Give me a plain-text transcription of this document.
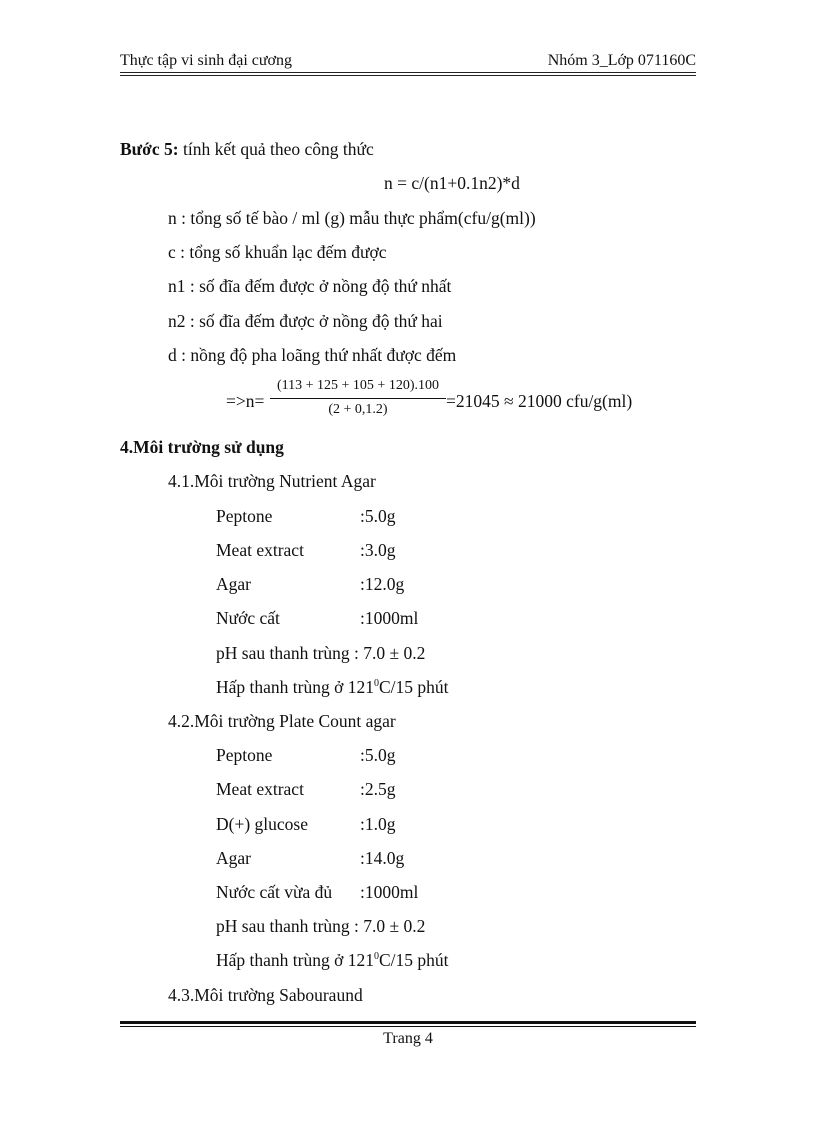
Thực tập vi sinh đại cương	Nhóm 3_Lớp 071160C
Bước 5: tính kết quả theo công thức
n = c/(n1+0.1n2)*d
n : tổng số tế bào / ml (g) mẫu thực phẩm(cfu/g(ml))
c : tổng số khuẩn lạc đếm được
n1 : số đĩa đếm được ở nồng độ thứ nhất
n2 : số đĩa đếm được ở nồng độ thứ hai
d : nồng độ pha loãng thứ nhất được đếm
=>n=
(113 + 125 + 105 + 120).100
(2 + 0,1.2)	=21045 ≈ 21000 cfu/g(ml)
4.Môi trường sử dụng
4.1.Môi trường Nutrient Agar
Peptone	:5.0g
Meat extract	:3.0g
Agar	:12.0g
Nước cất	:1000ml
pH sau thanh trùng : 7.0 ± 0.2
Hấp thanh trùng ở $121^0C/15$ phút
4.2.Môi trường Plate Count agar
Peptone	:5.0g
Meat extract	:2.5g
D(+) glucose	:1.0g
Agar	:14.0g
Nước cất vừa đủ :1000ml
pH sau thanh trùng : 7.0 ± 0.2
Hấp thanh trùng ở $121^0C/15$ phút
4.3.Môi trường Sabouraund
Trang 4
